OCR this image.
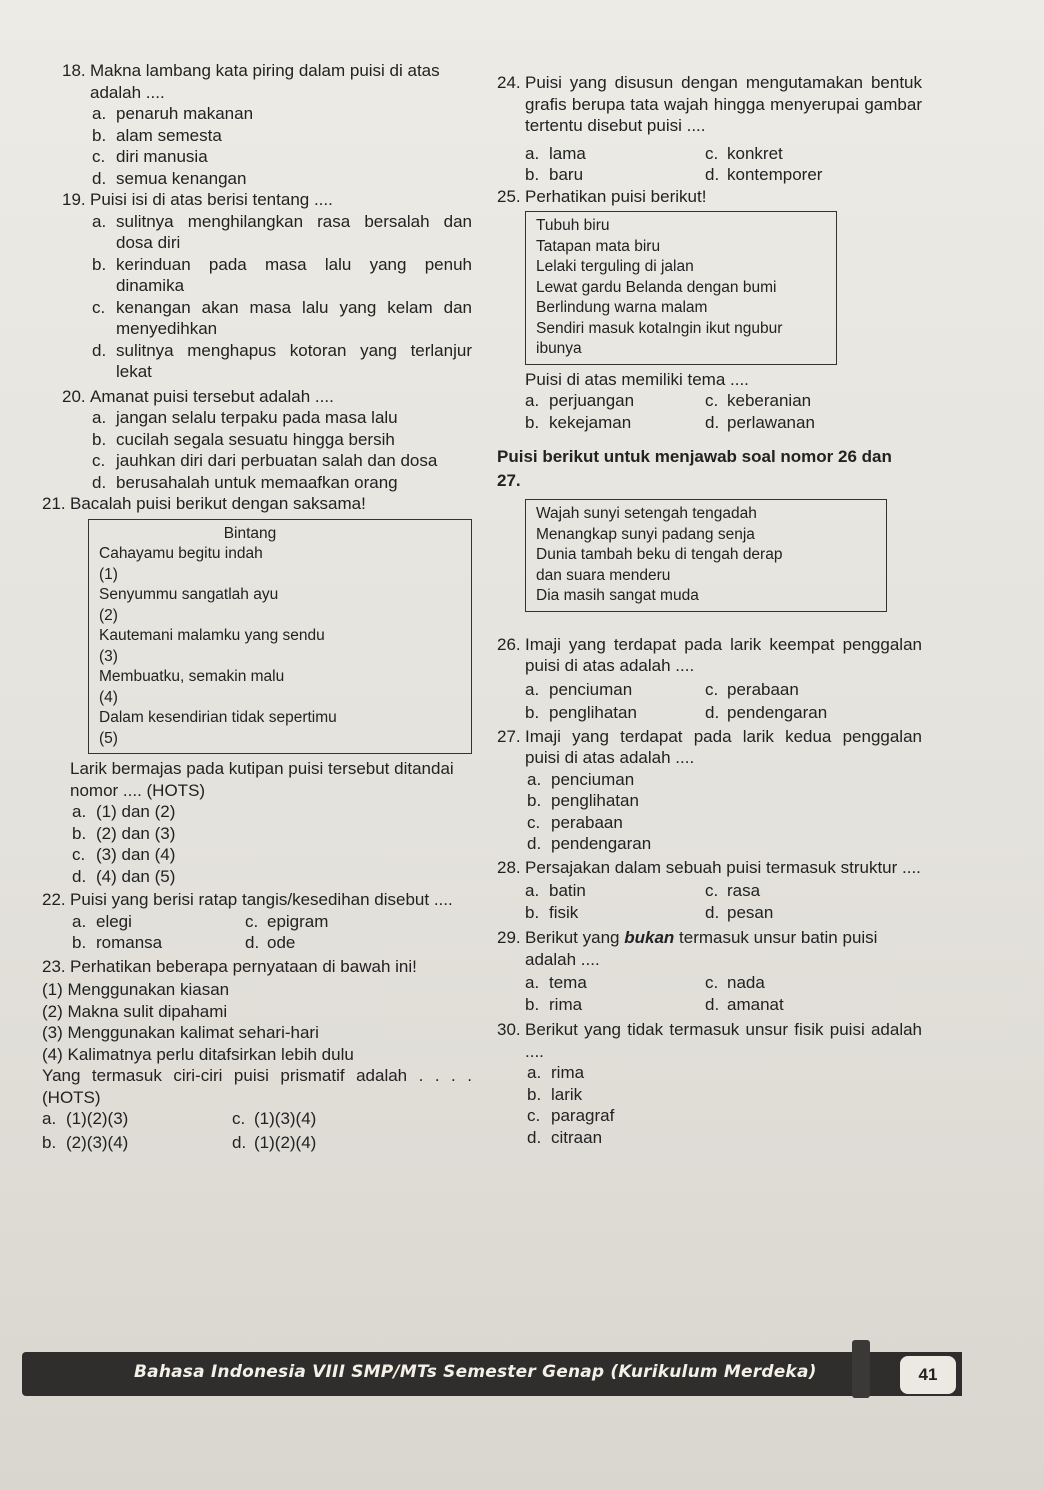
18. Makna lambang kata piring dalam puisi di atas adalah ....
a. penaruh makanan
b. alam semesta
c. diri manusia
d. semua kenangan
19. Puisi isi di atas berisi tentang ....
a. sulitnya menghilangkan rasa bersalah dan dosa diri
b. kerinduan pada masa lalu yang penuh dinamika
c. kenangan akan masa lalu yang kelam dan menyedihkan
d. sulitnya menghapus kotoran yang terlanjur lekat
20. Amanat puisi tersebut adalah ....
a. jangan selalu terpaku pada masa lalu
b. cucilah segala sesuatu hingga bersih
c. jauhkan diri dari perbuatan salah dan dosa
d. berusahalah untuk memaafkan orang
21. Bacalah puisi berikut dengan saksama!
Bintang
Cahayamu begitu indah
(1)
Senyummu sangatlah ayu
(2)
Kautemani malamku yang sendu
(3)
Membuatku, semakin malu
(4)
Dalam kesendirian tidak sepertimu
(5)
Larik bermajas pada kutipan puisi tersebut ditandai nomor .... (HOTS)
a. (1) dan (2)
b. (2) dan (3)
c. (3) dan (4)
d. (4) dan (5)
22. Puisi yang berisi ratap tangis/kesedihan disebut ....
a. elegi	c. epigram
b. romansa	d. ode
23. Perhatikan beberapa pernyataan di bawah ini!
(1) Menggunakan kiasan
(2) Makna sulit dipahami
(3) Menggunakan kalimat sehari-hari
(4) Kalimatnya perlu ditafsirkan lebih dulu
Yang termasuk ciri-ciri puisi prismatif adalah . . . . (HOTS)
a. (1)(2)(3)	c. (1)(3)(4)
b. (2)(3)(4)	d. (1)(2)(4)
24. Puisi yang disusun dengan mengutamakan bentuk grafis berupa tata wajah hingga menyerupai gambar tertentu disebut puisi ....
a. lama	c. konkret
b. baru	d. kontemporer
25. Perhatikan puisi berikut!
Tubuh biru
Tatapan mata biru
Lelaki terguling di jalan
Lewat gardu Belanda dengan bumi
Berlindung warna malam
Sendiri masuk kotaIngin ikut ngubur
ibunya
Puisi di atas memiliki tema ....
a. perjuangan	c. keberanian
b. kekejaman	d. perlawanan
Puisi berikut untuk menjawab soal nomor 26 dan 27.
Wajah sunyi setengah tengadah
Menangkap sunyi padang senja
Dunia tambah beku di tengah derap
dan suara menderu
Dia masih sangat muda
26. Imaji yang terdapat pada larik keempat penggalan puisi di atas adalah ....
a. penciuman	c. perabaan
b. penglihatan	d. pendengaran
27. Imaji yang terdapat pada larik kedua penggalan puisi di atas adalah ....
a. penciuman
b. penglihatan
c. perabaan
d. pendengaran
28. Persajakan dalam sebuah puisi termasuk struktur ....
a. batin	c. rasa
b. fisik	d. pesan
29. Berikut yang bukan termasuk unsur batin puisi adalah ....
a. tema	c. nada
b. rima	d. amanat
30. Berikut yang tidak termasuk unsur fisik puisi adalah ....
a. rima
b. larik
c. paragraf
d. citraan
Bahasa Indonesia VIII SMP/MTs Semester Genap (Kurikulum Merdeka)	41
